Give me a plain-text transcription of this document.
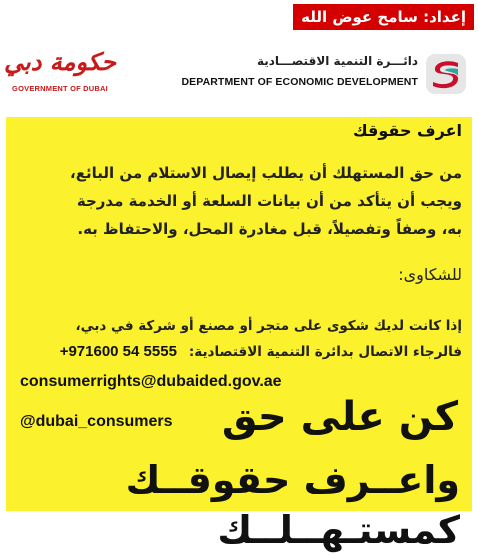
إعداد: سامح عوض الله
حكومة دبي
GOVERNMENT OF DUBAI
دائـــرة التنمية الاقتصـــادية
DEPARTMENT OF ECONOMIC DEVELOPMENT
اعرف حقوقك
من حق المستهلك أن يطلب إيصال الاستلام من البائع،
ويجب أن يتأكد من أن بيانات السلعة أو الخدمة مدرجة
به، وصفاً وتفصيلاً، قبل مغادرة المحل، والاحتفاظ به.
للشكاوى:
إذا كانت لديك شكوى على متجر أو مصنع أو شركة في دبي،
فالرجاء الاتصال بدائرة التنمية الاقتصادية:
+971600 54 5555
consumerrights@dubaided.gov.ae
@dubai_consumers كن على حق
واعــرف حقوقــك كمستـهــلــك
